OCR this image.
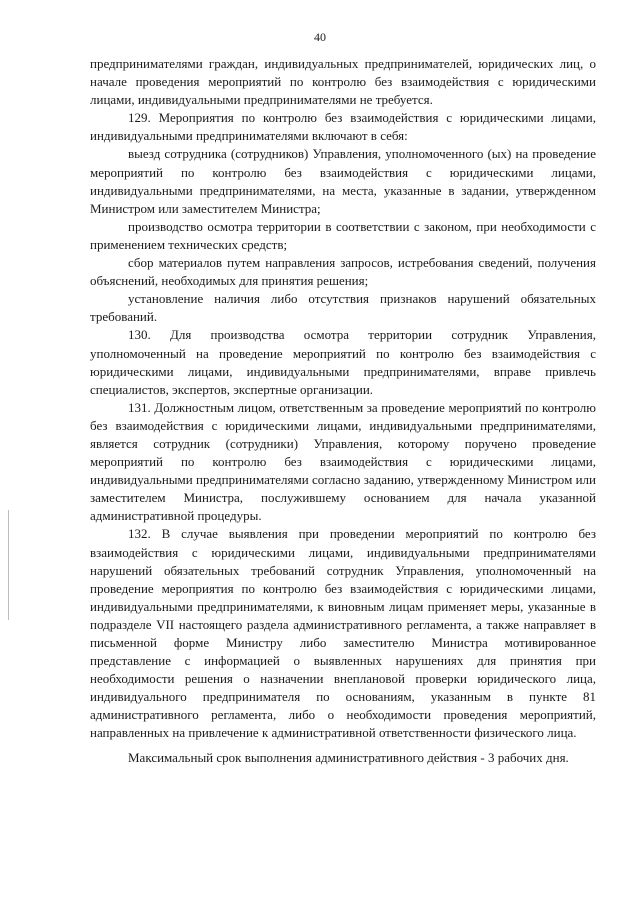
40

предпринимателями граждан, индивидуальных предпринимателей, юридических лиц, о начале проведения мероприятий по контролю без взаимодействия с юридическими лицами, индивидуальными предпринимателями не требуется.

129. Мероприятия по контролю без взаимодействия с юридическими лицами, индивидуальными предпринимателями включают в себя:

выезд сотрудника (сотрудников) Управления, уполномоченного (ых) на проведение мероприятий по контролю без взаимодействия с юридическими лицами, индивидуальными предпринимателями, на места, указанные в задании, утвержденном Министром или заместителем Министра;

производство осмотра территории в соответствии с законом, при необходимости с применением технических средств;

сбор материалов путем направления запросов, истребования сведений, получения объяснений, необходимых для принятия решения;

установление наличия либо отсутствия признаков нарушений обязательных требований.

130. Для производства осмотра территории сотрудник Управления, уполномоченный на проведение мероприятий по контролю без взаимодействия с юридическими лицами, индивидуальными предпринимателями, вправе привлечь специалистов, экспертов, экспертные организации.

131. Должностным лицом, ответственным за проведение мероприятий по контролю без взаимодействия с юридическими лицами, индивидуальными предпринимателями, является сотрудник (сотрудники) Управления, которому поручено проведение мероприятий по контролю без взаимодействия с юридическими лицами, индивидуальными предпринимателями согласно заданию, утвержденному Министром или заместителем Министра, послужившему основанием для начала указанной административной процедуры.

132. В случае выявления при проведении мероприятий по контролю без взаимодействия с юридическими лицами, индивидуальными предпринимателями нарушений обязательных требований сотрудник Управления, уполномоченный на проведение мероприятия по контролю без взаимодействия с юридическими лицами, индивидуальными предпринимателями, к виновным лицам применяет меры, указанные в подразделе VII настоящего раздела административного регламента, а также направляет в письменной форме Министру либо заместителю Министра мотивированное представление с информацией о выявленных нарушениях для принятия при необходимости решения о назначении внеплановой проверки юридического лица, индивидуального предпринимателя по основаниям, указанным в пункте 81 административного регламента, либо о необходимости проведения мероприятий, направленных на привлечение к административной ответственности физического лица.

Максимальный срок выполнения административного действия - 3 рабочих дня.
